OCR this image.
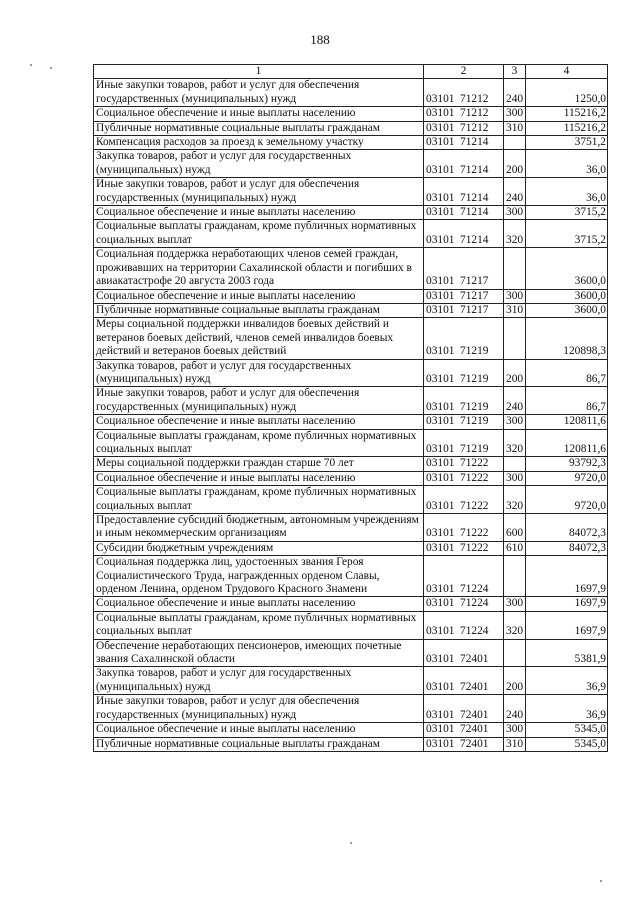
188
1	2	3	4
Иные закупки товаров, работ и услуг для обеспечения государственных (муниципальных) нужд	03101 71212	240	1250,0
Социальное обеспечение и иные выплаты населению	03101 71212	300	115216,2
Публичные нормативные социальные выплаты гражданам	03101 71212	310	115216,2
Компенсация расходов за проезд к земельному участку	03101 71214		3751,2
Закупка товаров, работ и услуг для государственных (муниципальных) нужд	03101 71214	200	36,0
Иные закупки товаров, работ и услуг для обеспечения государственных (муниципальных) нужд	03101 71214	240	36,0
Социальное обеспечение и иные выплаты населению	03101 71214	300	3715,2
Социальные выплаты гражданам, кроме публичных нормативных социальных выплат	03101 71214	320	3715,2
Социальная поддержка неработающих членов семей граждан, проживавших на территории Сахалинской области и погибших в авиакатастрофе 20 августа 2003 года	03101 71217		3600,0
Социальное обеспечение и иные выплаты населению	03101 71217	300	3600,0
Публичные нормативные социальные выплаты гражданам	03101 71217	310	3600,0
Меры социальной поддержки инвалидов боевых действий и ветеранов боевых действий, членов семей инвалидов боевых действий и ветеранов боевых действий	03101 71219		120898,3
Закупка товаров, работ и услуг для государственных (муниципальных) нужд	03101 71219	200	86,7
Иные закупки товаров, работ и услуг для обеспечения государственных (муниципальных) нужд	03101 71219	240	86,7
Социальное обеспечение и иные выплаты населению	03101 71219	300	120811,6
Социальные выплаты гражданам, кроме публичных нормативных социальных выплат	03101 71219	320	120811,6
Меры социальной поддержки граждан старше 70 лет	03101 71222		93792,3
Социальное обеспечение и иные выплаты населению	03101 71222	300	9720,0
Социальные выплаты гражданам, кроме публичных нормативных социальных выплат	03101 71222	320	9720,0
Предоставление субсидий бюджетным, автономным учреждениям и иным некоммерческим организациям	03101 71222	600	84072,3
Субсидии бюджетным учреждениям	03101 71222	610	84072,3
Социальная поддержка лиц, удостоенных звания Героя Социалистического Труда, награжденных орденом Славы, орденом Ленина, орденом Трудового Красного Знамени	03101 71224		1697,9
Социальное обеспечение и иные выплаты населению	03101 71224	300	1697,9
Социальные выплаты гражданам, кроме публичных нормативных социальных выплат	03101 71224	320	1697,9
Обеспечение неработающих пенсионеров, имеющих почетные звания Сахалинской области	03101 72401		5381,9
Закупка товаров, работ и услуг для государственных (муниципальных) нужд	03101 72401	200	36,9
Иные закупки товаров, работ и услуг для обеспечения государственных (муниципальных) нужд	03101 72401	240	36,9
Социальное обеспечение и иные выплаты населению	03101 72401	300	5345,0
Публичные нормативные социальные выплаты гражданам	03101 72401	310	5345,0
